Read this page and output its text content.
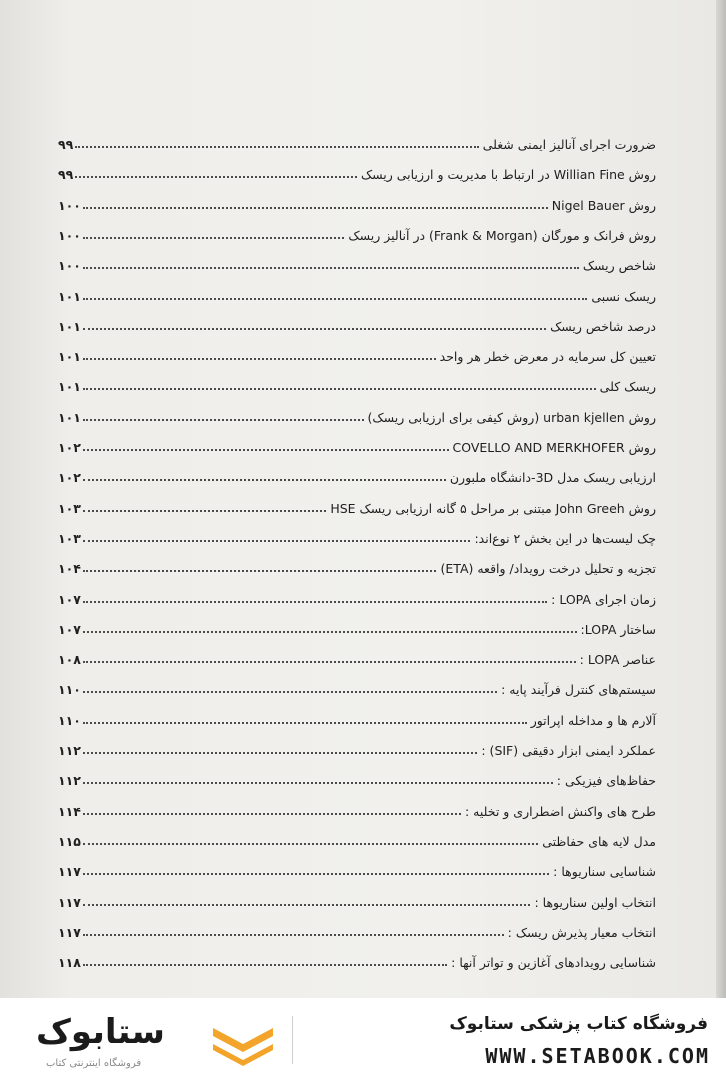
ضرورت اجرای آنالیز ایمنی شغلی
۹۹
روش Willian Fine در ارتباط با مدیریت و ارزیابی ریسک
۹۹
روش Nigel Bauer
۱۰۰
روش فرانک و مورگان (Frank & Morgan) در آنالیز ریسک
۱۰۰
شاخص ریسک
۱۰۰
ریسک نسبی
۱۰۱
درصد شاخص ریسک
۱۰۱
تعیین کل سرمایه در معرض خطر هر واحد
۱۰۱
ریسک کلی
۱۰۱
روش urban kjellen (روش کیفی برای ارزیابی ریسک)
۱۰۱
روش COVELLO AND MERKHOFER
۱۰۲
ارزیابی ریسک مدل 3D-دانشگاه ملبورن
۱۰۲
روش John Greeh مبتنی بر مراحل ۵ گانه ارزیابی ریسک HSE
۱۰۳
چک لیست‌ها در این بخش ۲ نوع‌اند:
۱۰۳
تجزیه و تحلیل درخت رویداد/ واقعه (ETA)
۱۰۴
زمان اجرای LOPA :
۱۰۷
ساختار LOPA:
۱۰۷
عناصر LOPA :
۱۰۸
سیستم‌های کنترل فرآیند پایه :
۱۱۰
آلارم ها و مداخله اپراتور
۱۱۰
عملکرد ایمنی ابزار دقیقی (SIF) :
۱۱۲
حفاظ‌های فیزیکی :
۱۱۲
طرح های واکنش اضطراری و تخلیه :
۱۱۴
مدل لایه های حفاظتی
۱۱۵
شناسایی سناریوها :
۱۱۷
انتخاب اولین سناریوها :
۱۱۷
انتخاب معیار پذیرش ریسک :
۱۱۷
شناسایی رویدادهای آغازین و تواتر آنها :
۱۱۸
ستابوک
فروشگاه اینترنتی کتاب
فروشگاه کتاب پزشکی ستابوک
WWW.SETABOOK.COM
